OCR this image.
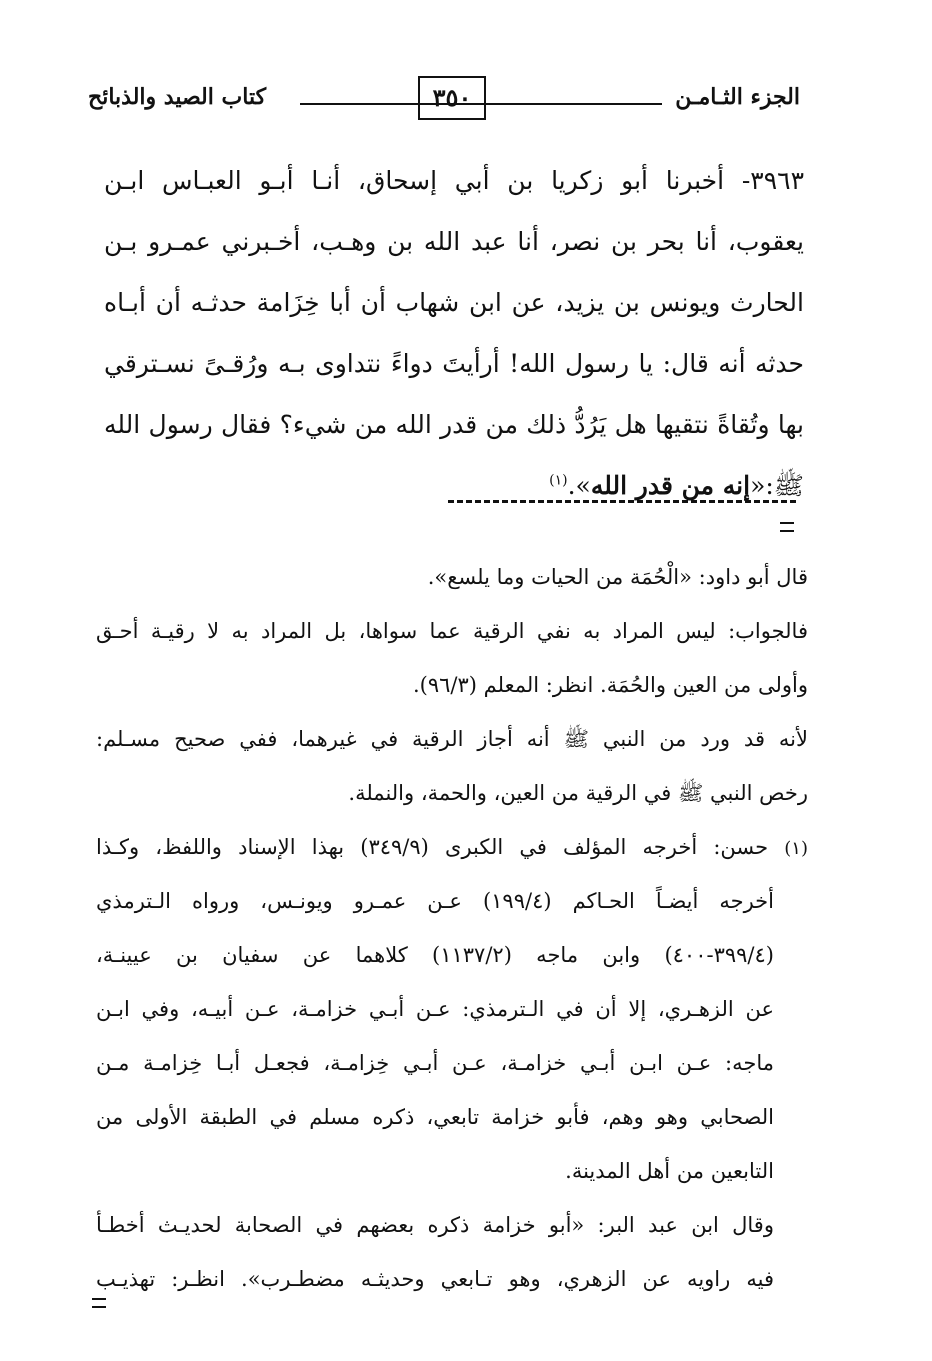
الجزء الثـامـن
٣٥٠
كتاب الصيد والذبائح
٣٩٦٣- أخبرنا أبو زكريا بن أبي إسحاق، أنـا أبـو العبـاس ابـن
يعقوب، أنا بحر بن نصر، أنا عبد الله بن وهـب، أخـبرني عمـرو بـن
الحارث ويونس بن يزيد، عن ابن شهاب أن أبا خِزَامة حدثـه أن أبـاه
حدثه أنه قال: يا رسول الله! أرأيتَ دواءً نتداوى بـه ورُقـىً نسـترقي
بها وتُقاةً نتقيها هل يَرُدُّ ذلك من قدر الله من شيء؟ فقال رسول الله
ﷺ:«إنه من قدر الله».$^{(١)}$
قال أبو داود: «الْحُمَة من الحيات وما يلسع».
فالجواب: ليس المراد به نفي الرقية عما سواها، بل المراد به لا رقيـة أحـق
وأولى من العين والحُمَة. انظر: المعلم (٩٦/٣).
لأنه قد ورد من النبي ﷺ أنه أجاز الرقية في غيرهما، ففي صحيح مسـلم:
رخص النبي ﷺ في الرقية من العين، والحمة، والنملة.
(١) حسن: أخرجه المؤلف في الكبرى (٣٤٩/٩) بهذا الإسناد واللفظ، وكـذا
أخرجه أيضـاً الحـاكم (١٩٩/٤) عـن عمـرو ويونـس، ورواه الـترمذي
(٣٩٩/٤-٤٠٠) وابن ماجه (١١٣٧/٢) كلاهما عن سفيان بن عيينـة،
عن الزهـري، إلا أن في الـترمذي: عـن أبـي خزامـة، عـن أبيـه، وفي ابـن
ماجه: عـن ابـن أبـي خزامـة، عـن أبـي خِزامـة، فجعـل أبـا خِزامـة مـن
الصحابي وهو وهم، فأبو خزامة تابعي، ذكره مسلم في الطبقة الأولى من
التابعين من أهل المدينة.
وقال ابن عبد البر: «أبو خزامة ذكره بعضهم في الصحابة لحديـث أخطـأ
فيه راويه عن الزهري، وهو تـابعي وحديثـه مضطـرب». انظـر: تهذيـب
